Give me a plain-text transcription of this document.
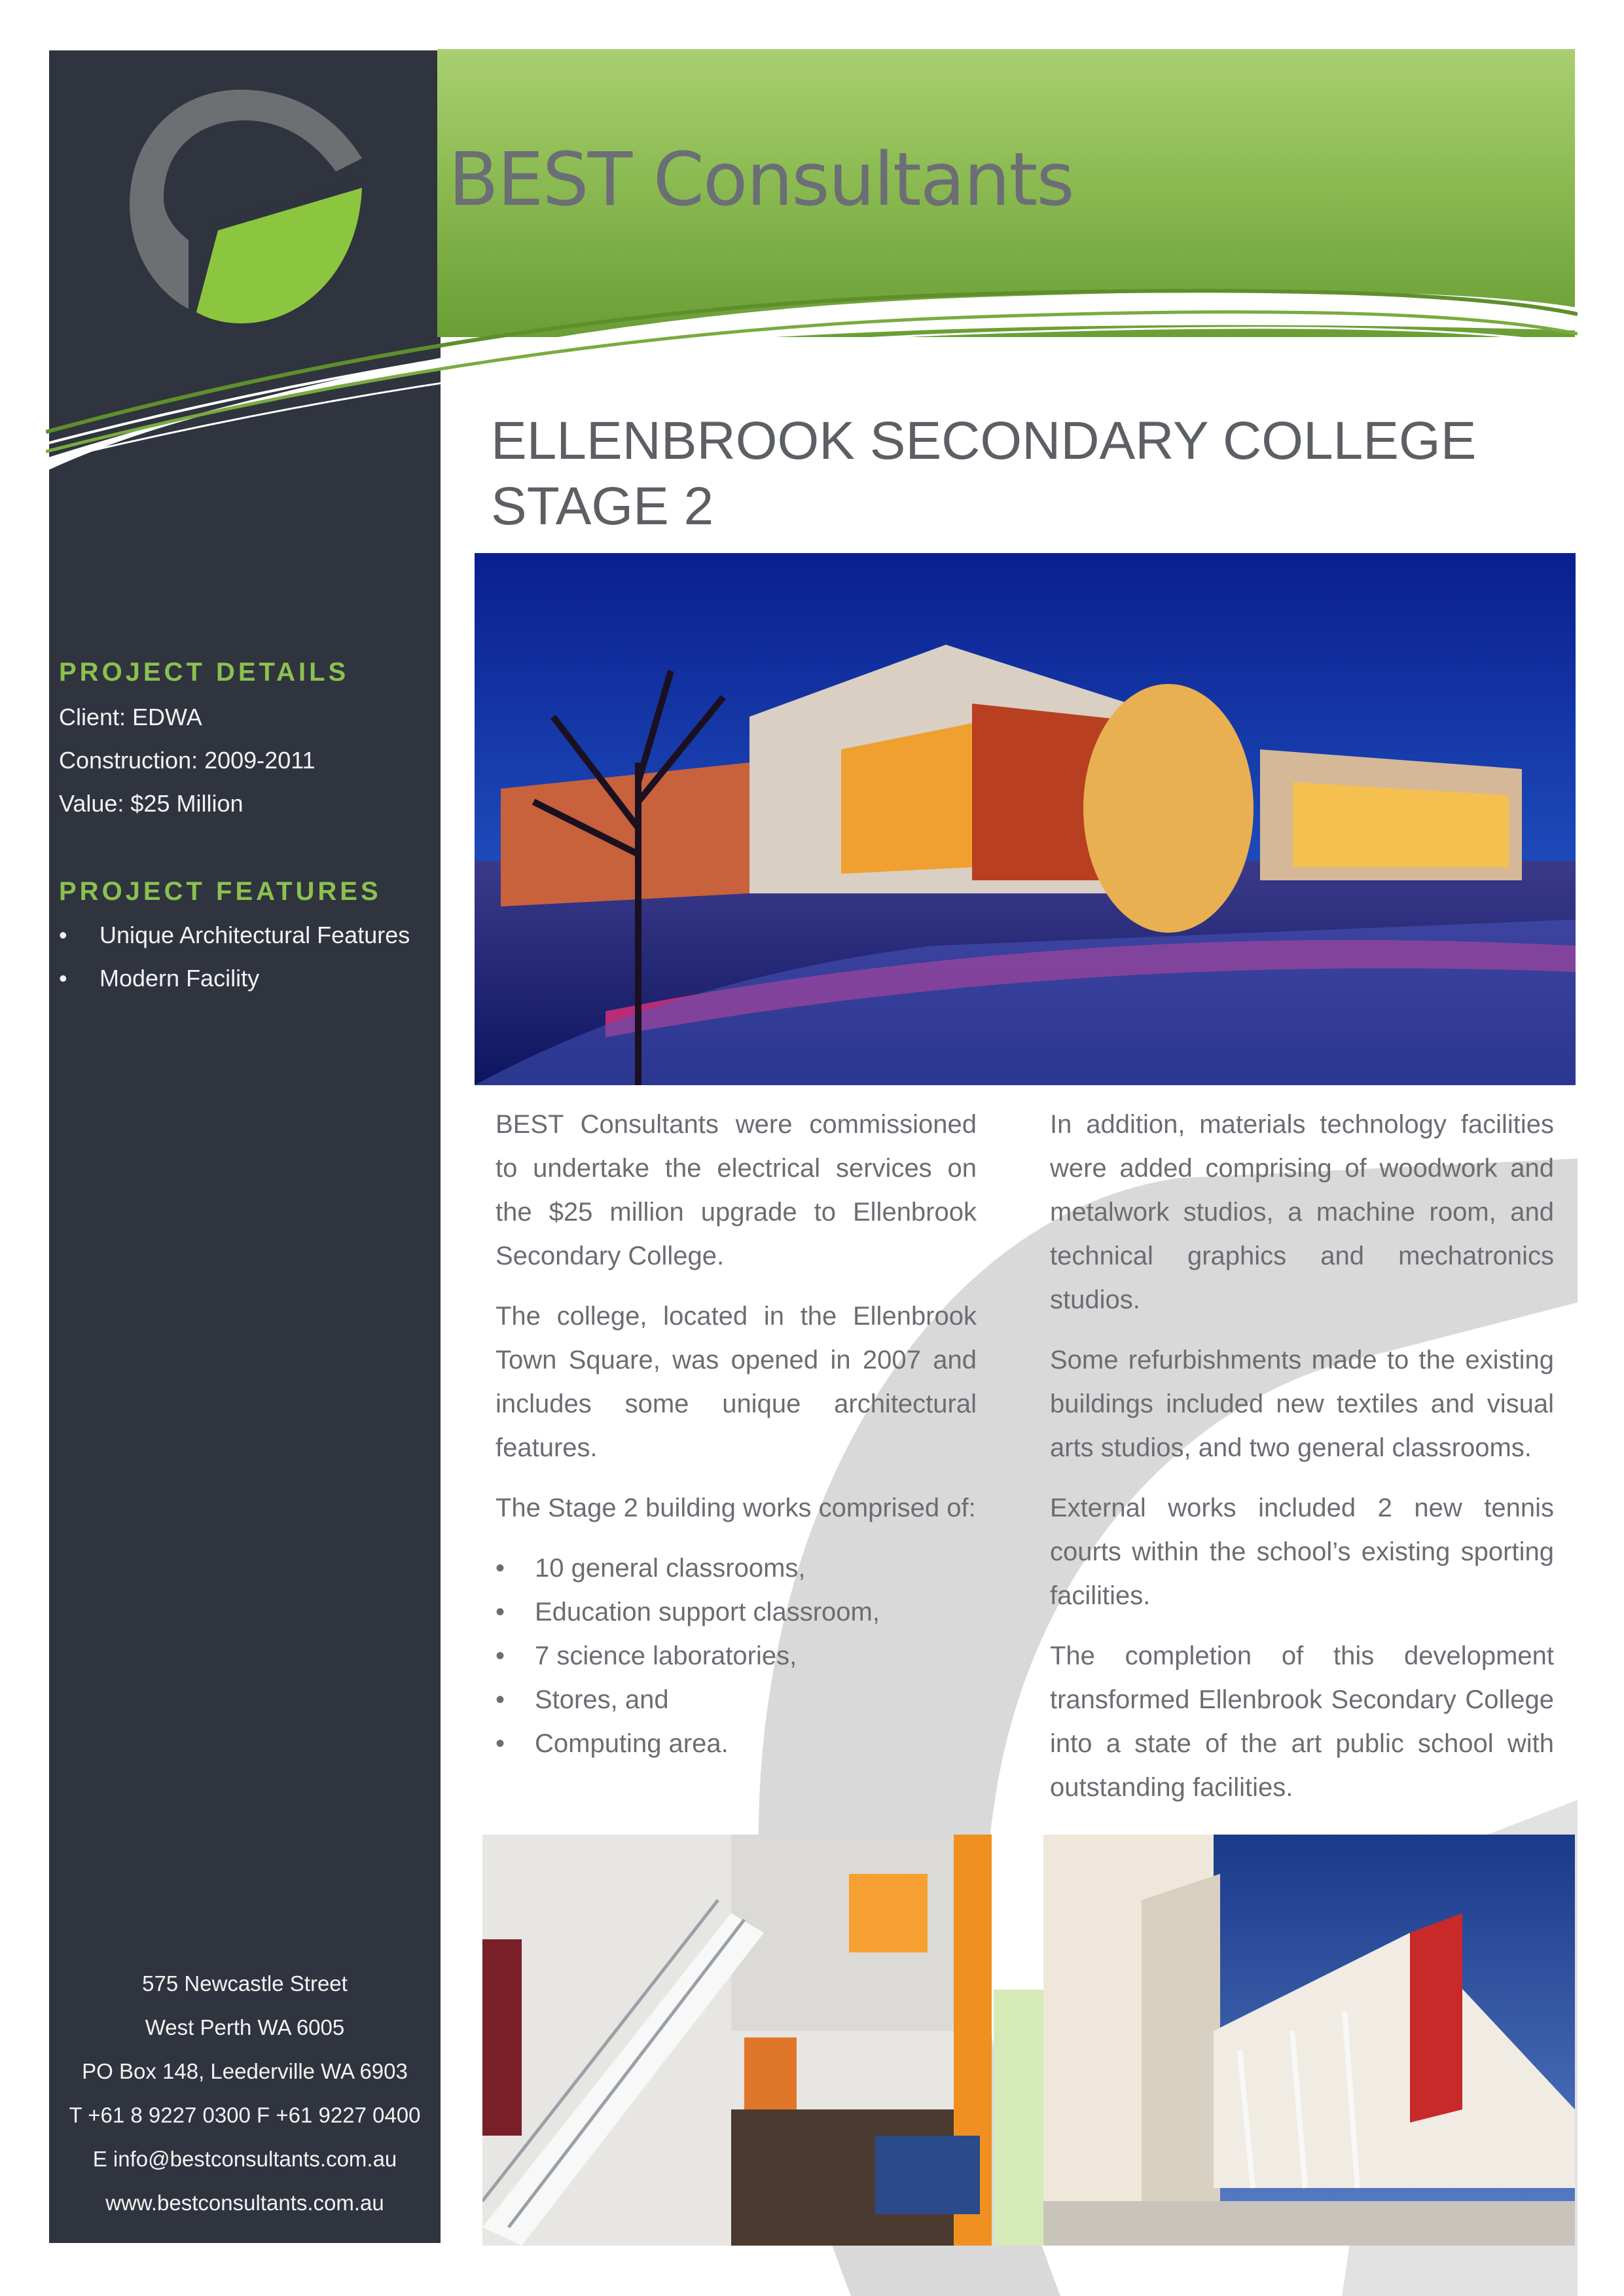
BEST Consultants
ELLENBROOK SECONDARY COLLEGE
STAGE 2
PROJECT DETAILS
Client: EDWA
Construction: 2009-2011
Value: $25 Million
PROJECT FEATURES
• Unique Architectural Features
• Modern Facility
575 Newcastle Street
West Perth WA 6005
PO Box 148, Leederville WA 6903
T +61 8 9227 0300 F +61 9227 0400
E info@bestconsultants.com.au
www.bestconsultants.com.au

BEST Consultants were commissioned to undertake the electrical services on the $25 million upgrade to Ellenbrook Secondary College.

The college, located in the Ellenbrook Town Square, was opened in 2007 and includes some unique architectural features.

The Stage 2 building works comprised of:

• 10 general classrooms,
• Education support classroom,
• 7 science laboratories,
• Stores, and
• Computing area.

In addition, materials technology facilities were added comprising of woodwork and metalwork studios, a machine room, and technical graphics and mechatronics studios.

Some refurbishments made to the existing buildings included new textiles and visual arts studios, and two general classrooms.

External works included 2 new tennis courts within the school’s existing sporting facilities.

The completion of this development transformed Ellenbrook Secondary College into a state of the art public school with outstanding facilities.
